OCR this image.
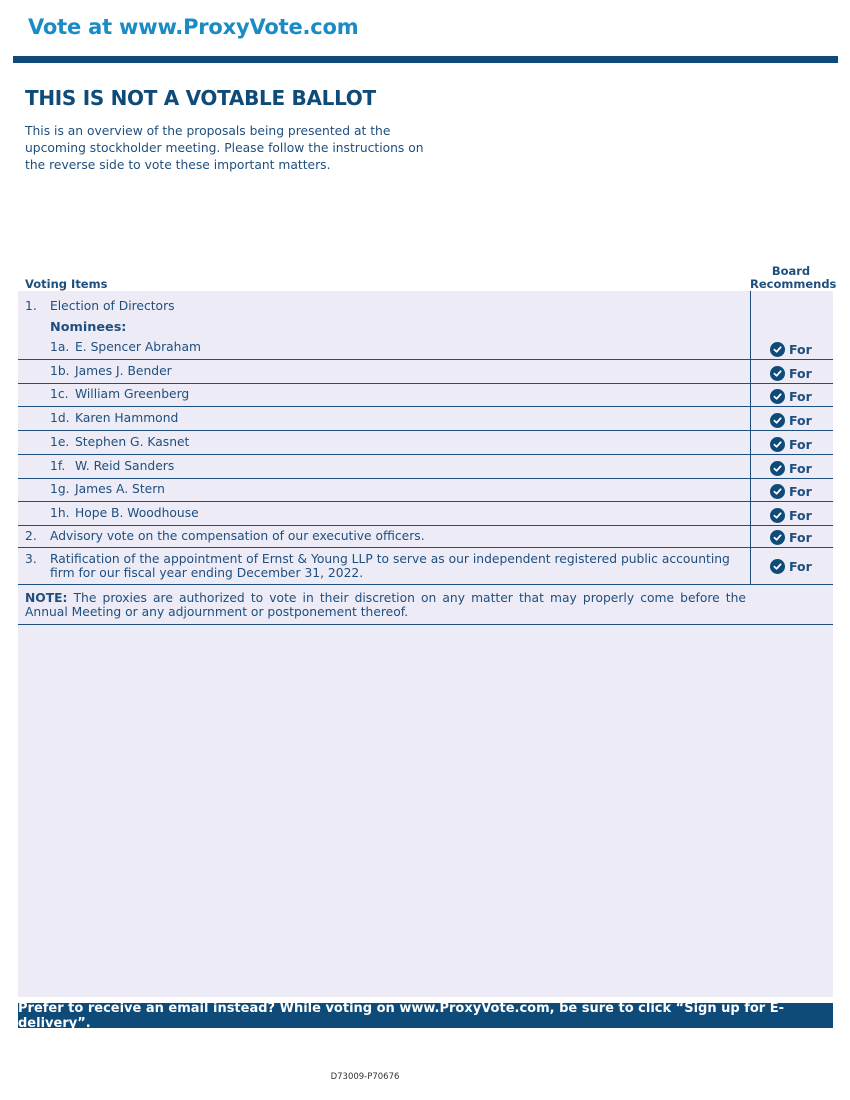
Vote at www.ProxyVote.com
THIS IS NOT A VOTABLE BALLOT
This is an overview of the proposals being presented at the upcoming stockholder meeting. Please follow the instructions on the reverse side to vote these important matters.
Voting Items
Board
Recommends
1. Election of Directors
Nominees:
1a. E. Spencer Abraham	For
1b. James J. Bender	For
1c. William Greenberg	For
1d. Karen Hammond	For
1e. Stephen G. Kasnet	For
1f. W. Reid Sanders	For
1g. James A. Stern	For
1h. Hope B. Woodhouse	For
2. Advisory vote on the compensation of our executive officers.	For
3.	Ratification of the appointment of Ernst & Young LLP to serve as our independent registered public accounting firm for our fiscal year ending December 31, 2022.	For
NOTE: The proxies are authorized to vote in their discretion on any matter that may properly come before the Annual Meeting or any adjournment or postponement thereof.
Prefer to receive an email instead? While voting on www.ProxyVote.com, be sure to click “Sign up for E-delivery”.
D73009-P70676
